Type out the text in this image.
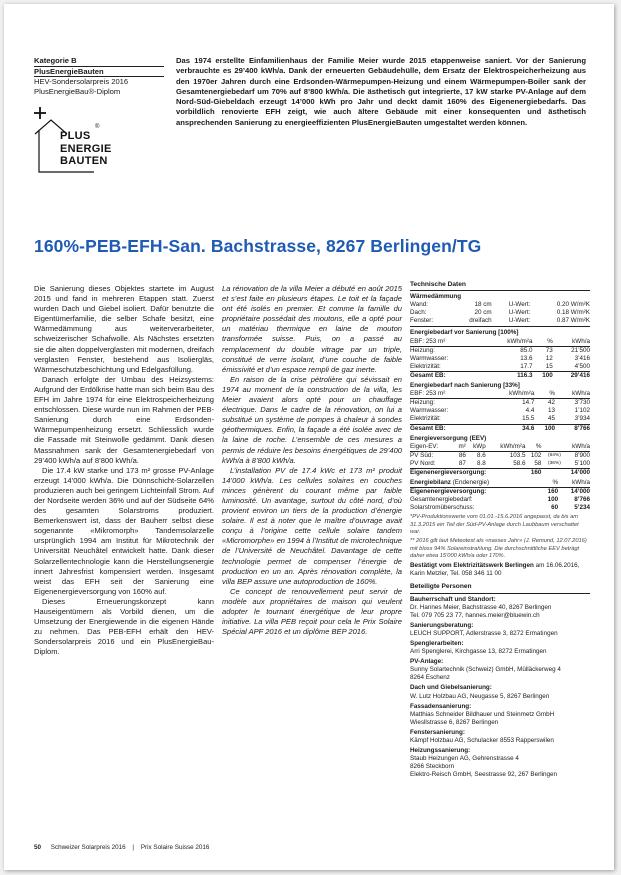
Kategorie B
PlusEnergieBauten
HEV-Sondersolarpreis 2016
PlusEnergieBau®-Diplom
PLUS
ENERGIE
BAUTEN
®
Das 1974 erstellte Einfamilienhaus der Familie Meier wurde 2015 etappenweise saniert. Vor der Sanierung verbrauchte es 29’400 kWh/a. Dank der erneuerten Gebäudehülle, dem Ersatz der Elektrospeicherheizung aus den 1970er Jahren durch eine Erdsonden-Wärmepumpen-Heizung und einem Wärmepumpen-Boiler sank der Gesamtenergiebedarf um 70% auf 8’800 kWh/a. Die ästhetisch gut integrierte, 17 kW starke PV-Anlage auf dem Nord-Süd-Giebeldach erzeugt 14’000 kWh pro Jahr und deckt damit 160% des Eigenenergiebedarfs. Das vorbildlich renovierte EFH zeigt, wie auch ältere Gebäude mit einer konsequenten und ästhetisch ansprechenden Sanierung zu energieeffizienten PlusEnergieBauten umgestaltet werden können.
160%-PEB-EFH-San. Bachstrasse, 8267 Berlingen/TG

Die Sanierung dieses Objektes startete im August 2015 und fand in mehreren Etappen statt. Zuerst wurden Dach und Giebel isoliert. Dafür benutzte die Eigentümerfamilie, die selber Schafe besitzt, eine Wärmedämmung aus weiterverarbeiteter, schweizerischer Schafwolle. Als Nächstes ersetzten sie die alten doppelverglasten mit modernen, dreifach verglasten Fenster, bestehend aus Isoliergläs, Wärmeschutzbeschichtung und Edelgasfüllung.

Danach erfolgte der Umbau des Heizsystems: Aufgrund der Erdölkrise hatte man sich beim Bau des EFH im Jahre 1974 für eine Elektrospeicherheizung entschlossen. Diese wurde nun im Rahmen der PEB-Sanierung durch eine Erdsonden-Wärmepumpenheizung ersetzt. Schliesslich wurde die Fassade mit Steinwolle gedämmt. Dank diesen Massnahmen sank der Gesamtenergiebedarf von 29’400 kWh/a auf 8’800 kWh/a.

Die 17.4 kW starke und 173 m² grosse PV-Anlage erzeugt 14’000 kWh/a. Die Dünnschicht-Solarzellen produzieren auch bei geringem Lichteinfall Strom. Auf der Nordseite werden 36% und auf der Südseite 64% des gesamten Solarstroms produziert. Bemerkenswert ist, dass der Bauherr selbst diese sogenannte «Mikromorph» Tandemsolarzelle ursprünglich 1994 am Institut für Mikrotechnik der Universität Neuchâtel entwickelt hatte. Dank dieser Solarzellentechnologie kann die Herstellungsenergie innert Jahresfrist kompensiert werden. Insgesamt weist das EFH seit der Sanierung eine Eigenenergieversorgung von 160% auf.

Dieses Erneuerungskonzept kann Hauseigentümern als Vorbild dienen, um die Umsetzung der Energiewende in die eigenen Hände zu nehmen. Das PEB-EFH erhält den HEV-Sondersolarpreis 2016 und ein PlusEnergieBau-Diplom.

La rénovation de la villa Meier a débuté en août 2015 et s’est faite en plusieurs étapes. Le toit et la façade ont été isolés en premier. Et comme la famille du propriétaire possédait des moutons, elle a opté pour un matériau thermique en laine de mouton transformée suisse. Puis, on a passé au remplacement du double vitrage par un triple, constitué de verre isolant, d’une couche de faible émissivité et d’un espace rempli de gaz inerte.

En raison de la crise pétrolière qui sévissait en 1974 au moment de la construction de la villa, les Meier avaient alors opté pour un chauffage électrique. Dans le cadre de la rénovation, on lui a substitué un système de pompes à chaleur à sondes géothermiques. Enfin, la façade a été isolée avec de la laine de roche. L’ensemble de ces mesures a permis de réduire les besoins énergétiques de 29’400 kWh/a à 8’800 kWh/a.

L’installation PV de 17.4 kWc et 173 m² produit 14’000 kWh/a. Les cellules solaires en couches minces génèrent du courant même par faible luminosité. Un avantage, surtout du côté nord, d’où provient environ un tiers de la production d’énergie solaire. Il est à noter que le maître d’ouvrage avait conçu à l’origine cette cellule solaire tandem «Micromorphe» en 1994 à l’Institut de microtechnique de l’Université de Neuchâtel. Davantage de cette technologie permet de compenser l’énergie de production en un an. Après rénovation complète, la villa BEP assure une autoproduction de 160%.

Ce concept de renouvellement peut servir de modèle aux propriétaires de maison qui veulent adopter le tournant énergétique de leur propre initiative. La villa PEB reçoit pour cela le Prix Solaire Spécial APF 2016 et un diplôme BEP 2016.

Technische Daten
Wärmedämmung
Wand:	18 cm	U-Wert:	0.20 W/m²K
Dach:	20 cm	U-Wert:	0.18 W/m²K
Fenster:	dreifach	U-Wert:	0.87 W/m²K
Energiebedarf vor Sanierung [100%]
EBF: 253 m²	kWh/m²a	%	kWh/a
Heizung:	85.0	73	21’500
Warmwasser:	13.6	12	3’416
Elektrizität:	17.7	15	4’500
Gesamt EB:	116.3	100	29’416
Energiebedarf nach Sanierung [33%]
EBF: 253 m²	kWh/m²a	%	kWh/a
Heizung:	14.7	42	3’730
Warmwasser:	4.4	13	1’102
Elektrizität:	15.5	45	3’934
Gesamt EB:	34.6	100	8’766
Energieversorgung (EEV)
Eigen-EV:	m²	kWp	kWh/m²a	%		kWh/a
PV Süd:	86	8.6	103.5	102	(64%)	8’900
PV Nord:	87	8.8	58.6	58	(36%)	5’100
Eigenenergieversorgung:				160		14’000
Energiebilanz (Endenergie)	%	kWh/a
Eigenenergieversorgung:	160	14’000
Gesamtenergiebedarf:	100	8’766
Solarstromüberschuss:	60	5’234
*PV-Produktionswerte vom 01.01.-15.6.2016 angepasst, da bis am 31.3.2015 ein Teil der Süd-PV-Anlage durch Laubbaum verschattet war.
** 2016 gilt laut Meteotest als «nasses Jahr» (J. Remund, 12.07.2016) mit bloss 94% Solareinstrahlung. Die durchschnittliche EEV beträgt daher etwa 15’000 kWh/a oder 170%.
Bestätigt vom Elektrizitätswerk Berlingen am 16.06.2016, Karin Metzler, Tel. 058 346 11 00
Beteiligte Personen
Bauherrschaft und Standort:
Dr. Hannes Meier, Bachstrasse 40, 8267 Berlingen
Tel. 079 705 23 77, hannes.meier@bluewin.ch
Sanierungsberatung:
LEUCH SUPPORT, Adlerstrasse 3, 8272 Ermatingen
Spenglerarbeiten:
Arri Spenglerei, Kirchgasse 13, 8272 Ermatingen
PV-Anlage:
Sunny Solartechnik (Schweiz) GmbH, Mülläckerweg 4
8264 Eschenz
Dach und Giebelsanierung:
W. Lutz Holzbau AG, Neugasse 5, 8267 Berlingen
Fassadensanierung:
Matthias Schneider Bildhauer und Steinmetz GmbH
Wiesllstrasse 6, 8267 Berlingen
Fenstersanierung:
Kämpf Holzbau AG, Schulacker 8553 Rapperswilen
Heizungssanierung:
Staub Heizungen AG, Gehrenstrasse 4
8266 Steckborn
Elektro-Reisch GmbH, Seestrasse 92, 267 Berlingen
50 Schweizer Solarpreis 2016 | Prix Solaire Suisse 2016
